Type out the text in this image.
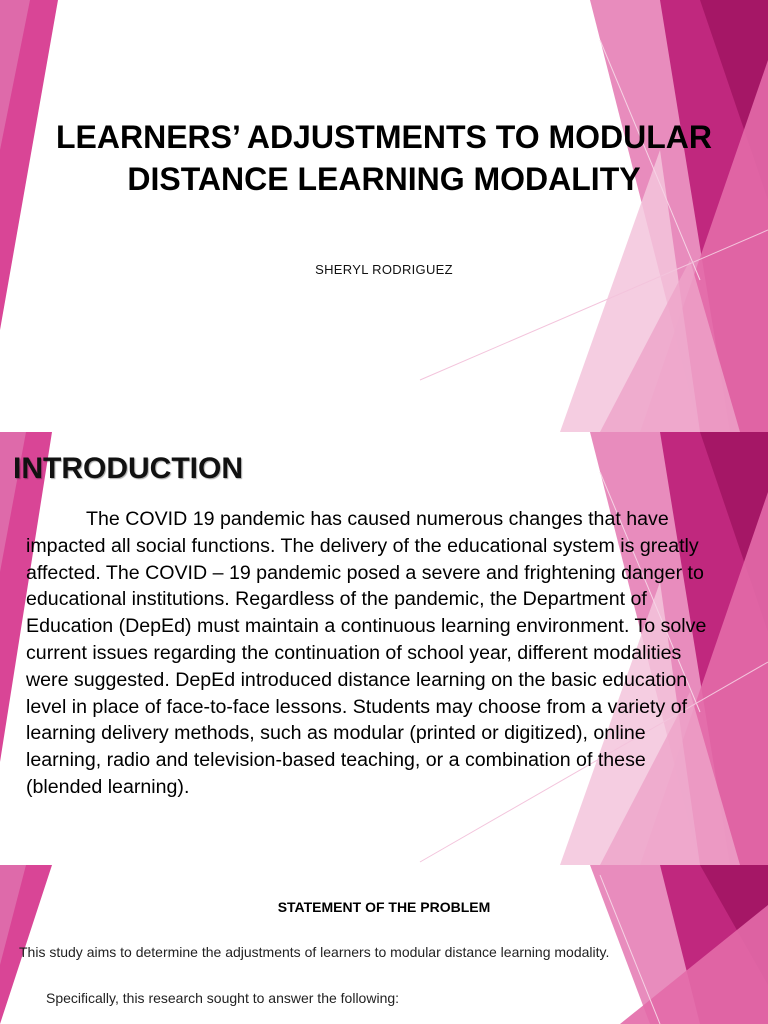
LEARNERS’ ADJUSTMENTS TO MODULAR DISTANCE LEARNING MODALITY
SHERYL RODRIGUEZ
INTRODUCTION
The COVID 19 pandemic has caused numerous changes that have impacted all social functions. The delivery of the educational system is greatly affected. The COVID – 19 pandemic posed a severe and frightening danger to educational institutions. Regardless of the pandemic, the Department of Education (DepEd) must maintain a continuous learning environment. To solve current issues regarding the continuation of school year, different modalities were suggested. DepEd introduced distance learning on the basic education level in place of face-to-face lessons. Students may choose from a variety of learning delivery methods, such as modular (printed or digitized), online learning, radio and television-based teaching, or a combination of these (blended learning).
STATEMENT OF THE PROBLEM
This study aims to determine the adjustments of learners to modular distance learning modality.
Specifically, this research sought to answer the following:
